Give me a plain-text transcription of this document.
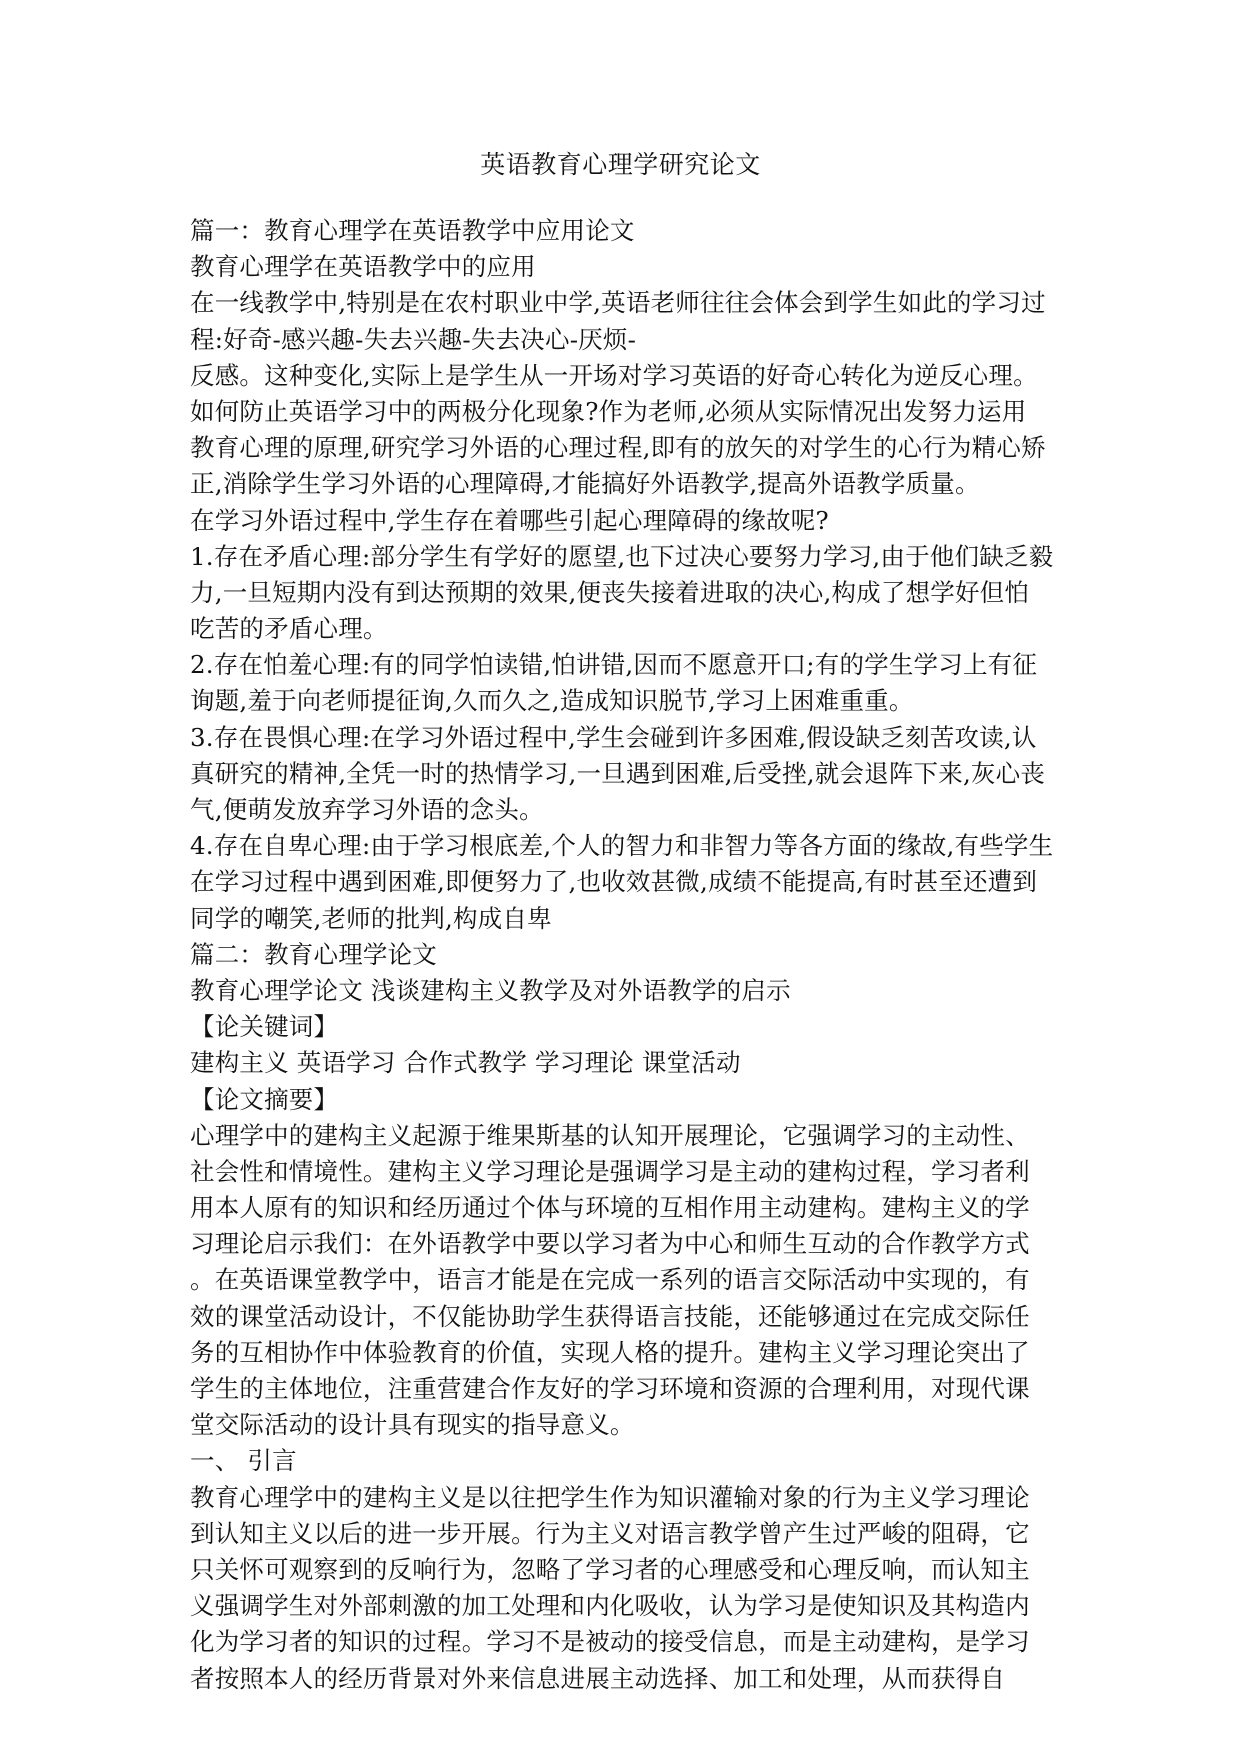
英语教育心理学研究论文
篇一：教育心理学在英语教学中应用论文
教育心理学在英语教学中的应用
在一线教学中,特别是在农村职业中学,英语老师往往会体会到学生如此的学习过
程:好奇-感兴趣-失去兴趣-失去决心-厌烦-
反感。这种变化,实际上是学生从一开场对学习英语的好奇心转化为逆反心理。
如何防止英语学习中的两极分化现象?作为老师,必须从实际情况出发努力运用
教育心理的原理,研究学习外语的心理过程,即有的放矢的对学生的心行为精心矫
正,消除学生学习外语的心理障碍,才能搞好外语教学,提高外语教学质量。
在学习外语过程中,学生存在着哪些引起心理障碍的缘故呢?
1.存在矛盾心理:部分学生有学好的愿望,也下过决心要努力学习,由于他们缺乏毅
力,一旦短期内没有到达预期的效果,便丧失接着进取的决心,构成了想学好但怕
吃苦的矛盾心理。
2.存在怕羞心理:有的同学怕读错,怕讲错,因而不愿意开口;有的学生学习上有征
询题,羞于向老师提征询,久而久之,造成知识脱节,学习上困难重重。
3.存在畏惧心理:在学习外语过程中,学生会碰到许多困难,假设缺乏刻苦攻读,认
真研究的精神,全凭一时的热情学习,一旦遇到困难,后受挫,就会退阵下来,灰心丧
气,便萌发放弃学习外语的念头。
4.存在自卑心理:由于学习根底差,个人的智力和非智力等各方面的缘故,有些学生
在学习过程中遇到困难,即便努力了,也收效甚微,成绩不能提高,有时甚至还遭到
同学的嘲笑,老师的批判,构成自卑
篇二：教育心理学论文
教育心理学论文 浅谈建构主义教学及对外语教学的启示
【论关键词】
建构主义 英语学习 合作式教学 学习理论 课堂活动
【论文摘要】
心理学中的建构主义起源于维果斯基的认知开展理论，它强调学习的主动性、
社会性和情境性。建构主义学习理论是强调学习是主动的建构过程，学习者利
用本人原有的知识和经历通过个体与环境的互相作用主动建构。建构主义的学
习理论启示我们：在外语教学中要以学习者为中心和师生互动的合作教学方式
。在英语课堂教学中，语言才能是在完成一系列的语言交际活动中实现的，有
效的课堂活动设计，不仅能协助学生获得语言技能，还能够通过在完成交际任
务的互相协作中体验教育的价值，实现人格的提升。建构主义学习理论突出了
学生的主体地位，注重营建合作友好的学习环境和资源的合理利用，对现代课
堂交际活动的设计具有现实的指导意义。
一、 引言
教育心理学中的建构主义是以往把学生作为知识灌输对象的行为主义学习理论
到认知主义以后的进一步开展。行为主义对语言教学曾产生过严峻的阻碍，它
只关怀可观察到的反响行为，忽略了学习者的心理感受和心理反响，而认知主
义强调学生对外部刺激的加工处理和内化吸收，认为学习是使知识及其构造内
化为学习者的知识的过程。学习不是被动的接受信息，而是主动建构，是学习
者按照本人的经历背景对外来信息进展主动选择、加工和处理，从而获得自
